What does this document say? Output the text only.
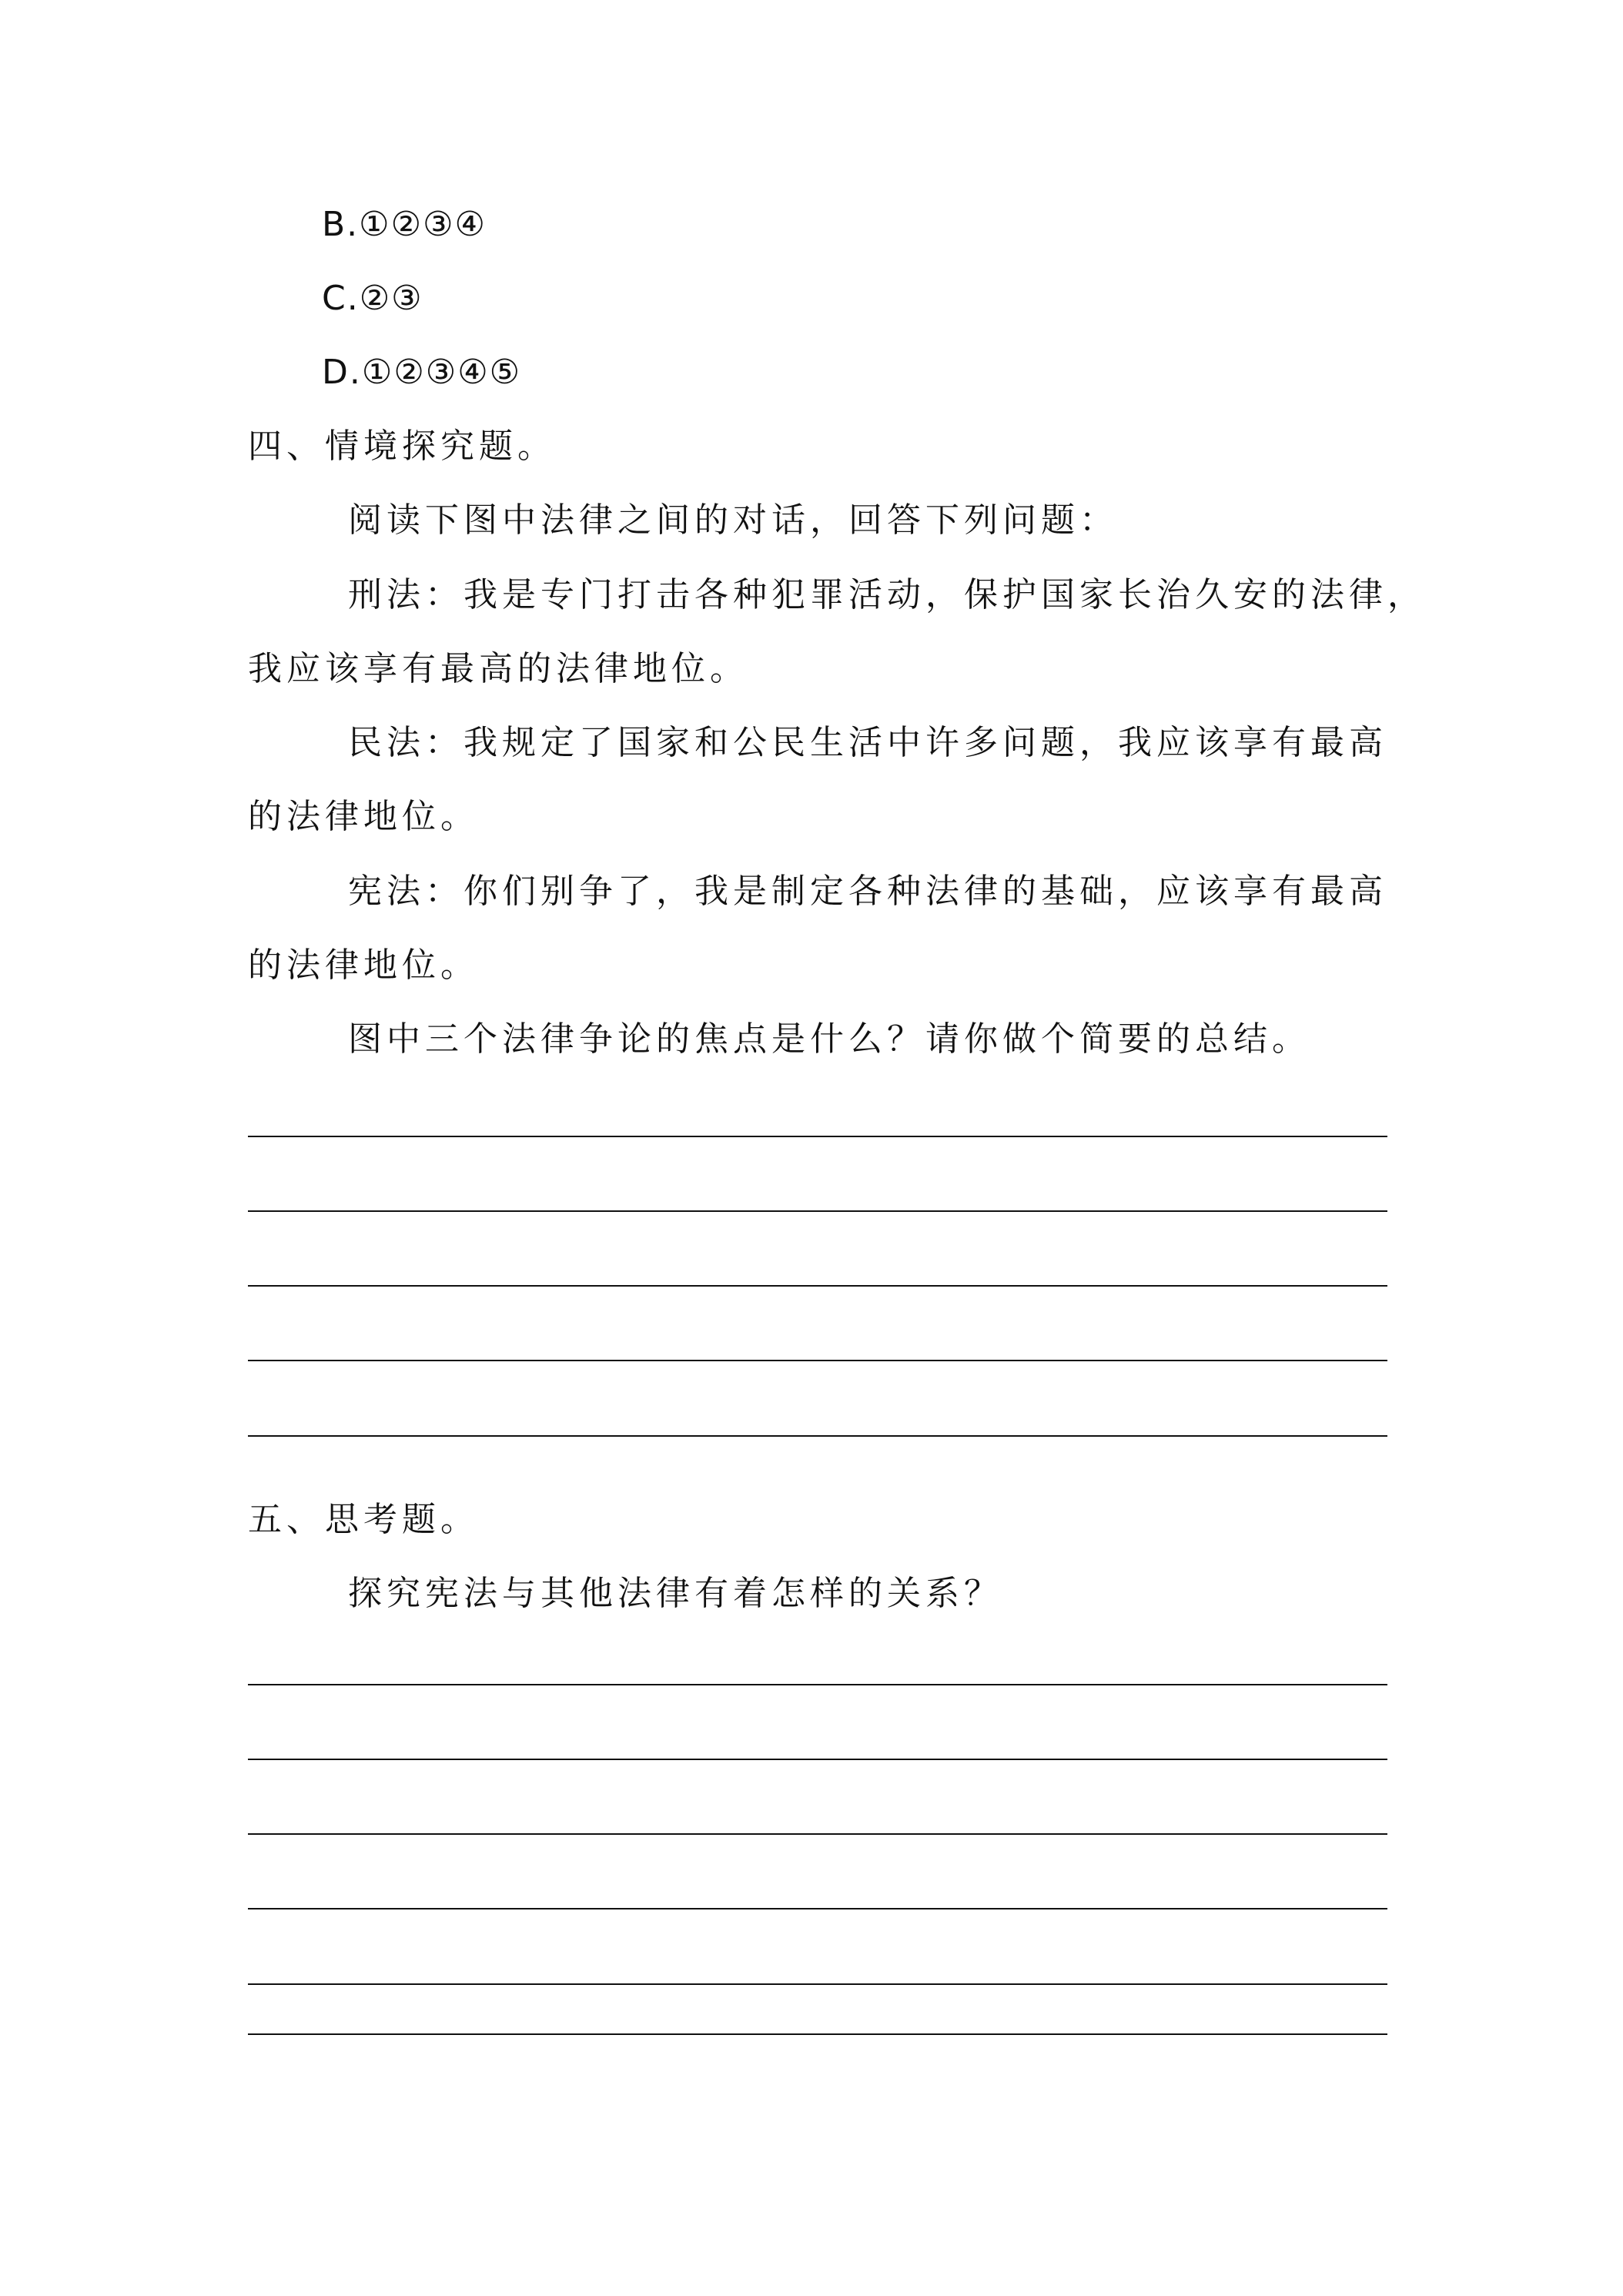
B.①②③④
C.②③
D.①②③④⑤
四、情境探究题。
阅读下图中法律之间的对话，回答下列问题：
刑法：我是专门打击各种犯罪活动，保护国家长治久安的法律，
我应该享有最高的法律地位。
民法：我规定了国家和公民生活中许多问题，我应该享有最高
的法律地位。
宪法：你们别争了，我是制定各种法律的基础，应该享有最高
的法律地位。
图中三个法律争论的焦点是什么？请你做个简要的总结。
五、思考题。
探究宪法与其他法律有着怎样的关系？
